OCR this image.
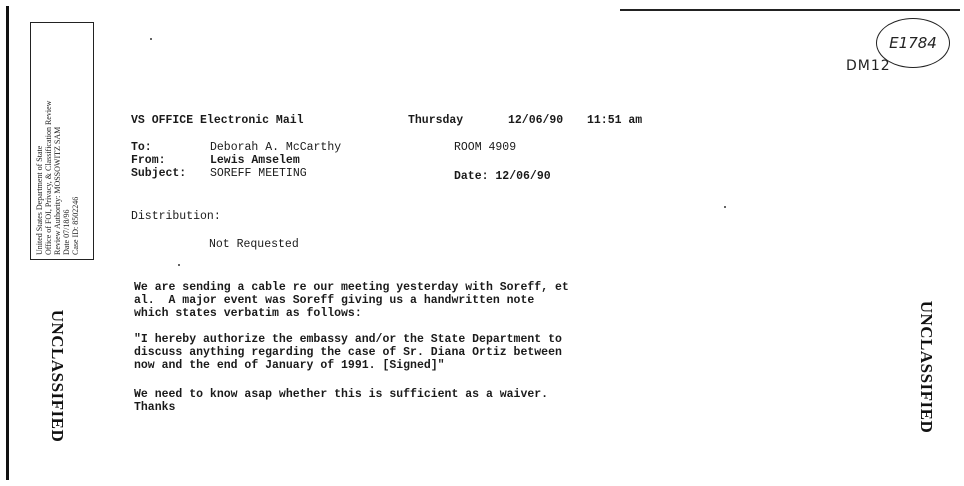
United States Department of State Office of FOI, Privacy, & Classification Review Review Authority: MOSSOWITZ SAM Date 07/18/96 Case ID: 8502246
UNCLASSIFIED	UNCLASSIFIED
DM12
E1784
VS OFFICE Electronic Mail	Thursday	12/06/90 11:51 am
To:	Deborah A. McCarthy	ROOM 4909
From:	Lewis Amselem
Subject: SOREFF MEETING	Date: 12/06/90
Distribution:
Not Requested
We are sending a cable re our meeting yesterday with Soreff, et
al.  A major event was Soreff giving us a handwritten note
which states verbatim as follows:
"I hereby authorize the embassy and/or the State Department to
discuss anything regarding the case of Sr. Diana Ortiz between
now and the end of January of 1991. [Signed]"
We need to know asap whether this is sufficient as a waiver.
Thanks
